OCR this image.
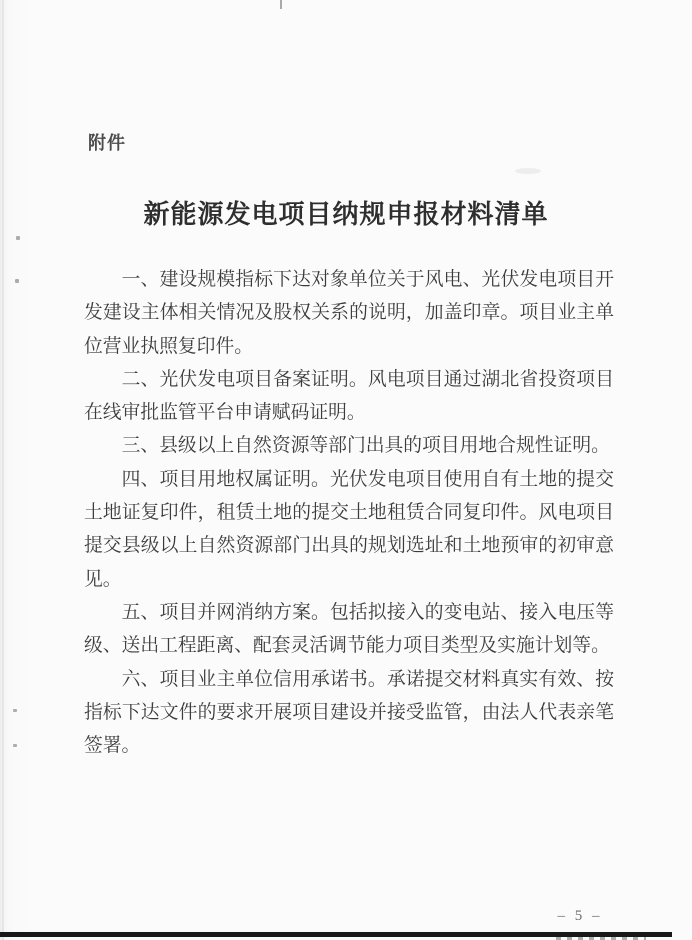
附件
新能源发电项目纳规申报材料清单

一、建设规模指标下达对象单位关于风电、光伏发电项目开发建设主体相关情况及股权关系的说明，加盖印章。项目业主单位营业执照复印件。

二、光伏发电项目备案证明。风电项目通过湖北省投资项目在线审批监管平台申请赋码证明。

三、县级以上自然资源等部门出具的项目用地合规性证明。

四、项目用地权属证明。光伏发电项目使用自有土地的提交土地证复印件，租赁土地的提交土地租赁合同复印件。风电项目提交县级以上自然资源部门出具的规划选址和土地预审的初审意见。

五、项目并网消纳方案。包括拟接入的变电站、接入电压等级、送出工程距离、配套灵活调节能力项目类型及实施计划等。

六、项目业主单位信用承诺书。承诺提交材料真实有效、按指标下达文件的要求开展项目建设并接受监管，由法人代表亲笔签署。

– 5 –
